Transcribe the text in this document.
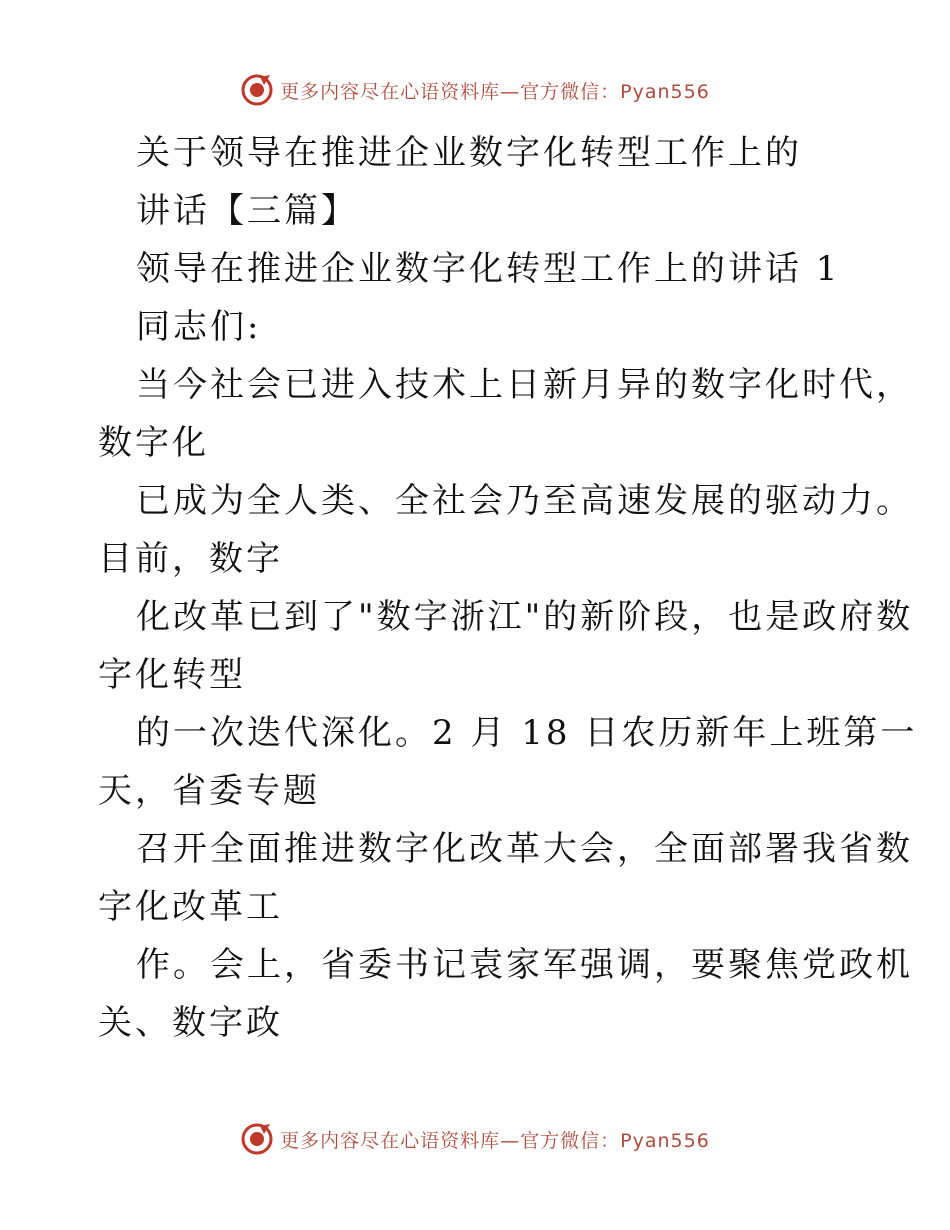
更多内容尽在心语资料库—官方微信：Pyan556
关于领导在推进企业数字化转型工作上的
讲话【三篇】
领导在推进企业数字化转型工作上的讲话 1
同志们:
当今社会已进入技术上日新月异的数字化时代，
数字化
已成为全人类、全社会乃至高速发展的驱动力。
目前，数字
化改革已到了"数字浙江"的新阶段，也是政府数
字化转型
的一次迭代深化。2 月 18 日农历新年上班第一
天，省委专题
召开全面推进数字化改革大会，全面部署我省数
字化改革工
作。会上，省委书记袁家军强调，要聚焦党政机
关、数字政
更多内容尽在心语资料库—官方微信：Pyan556
